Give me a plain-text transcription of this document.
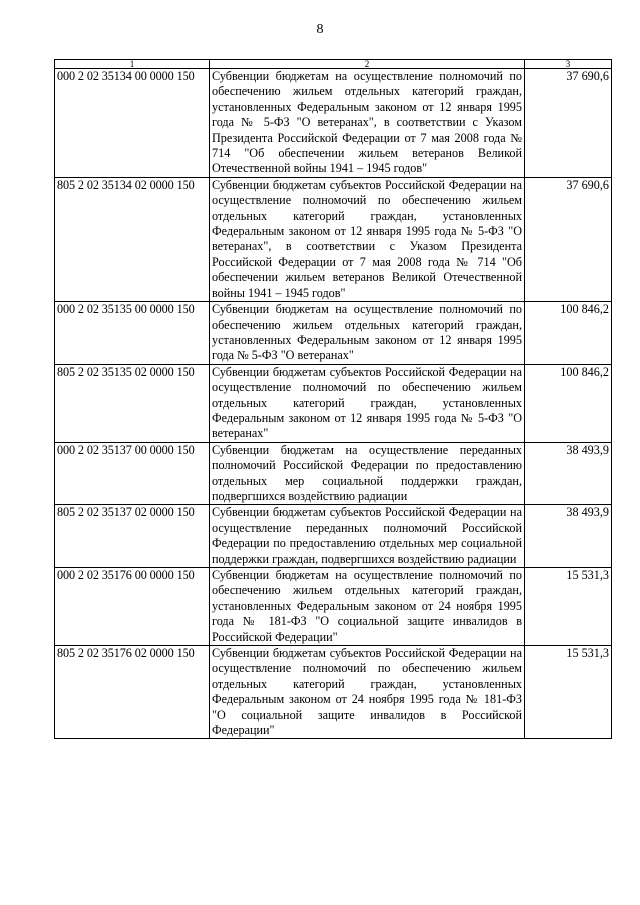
8
1	2	3
000 2 02 35134 00 0000 150	Субвенции бюджетам на осуществление полномочий по обеспечению жильем отдельных категорий граждан, установленных Федеральным законом от 12 января 1995 года № 5-ФЗ "О ветеранах", в соответствии с Указом Президента Российской Федерации от 7 мая 2008 года № 714 "Об обеспечении жильем ветеранов Великой Отечественной войны 1941 – 1945 годов"	37 690,6
805 2 02 35134 02 0000 150	Субвенции бюджетам субъектов Российской Федерации на осуществление полномочий по обеспечению жильем отдельных категорий граждан, установленных Федеральным законом от 12 января 1995 года № 5-ФЗ "О ветеранах", в соответствии с Указом Президента Российской Федерации от 7 мая 2008 года № 714 "Об обеспечении жильем ветеранов Великой Отечественной войны 1941 – 1945 годов"	37 690,6
000 2 02 35135 00 0000 150	Субвенции бюджетам на осуществление полномочий по обеспечению жильем отдельных категорий граждан, установленных Федеральным законом от 12 января 1995 года № 5-ФЗ "О ветеранах"	100 846,2
805 2 02 35135 02 0000 150	Субвенции бюджетам субъектов Российской Федерации на осуществление полномочий по обеспечению жильем отдельных категорий граждан, установленных Федеральным законом от 12 января 1995 года № 5-ФЗ "О ветеранах"	100 846,2
000 2 02 35137 00 0000 150	Субвенции бюджетам на осуществление переданных полномочий Российской Федерации по предоставлению отдельных мер социальной поддержки граждан, подвергшихся воздействию радиации	38 493,9
805 2 02 35137 02 0000 150	Субвенции бюджетам субъектов Российской Федерации на осуществление переданных полномочий Российской Федерации по предоставлению отдельных мер социальной поддержки граждан, подвергшихся воздействию радиации	38 493,9
000 2 02 35176 00 0000 150	Субвенции бюджетам на осуществление полномочий по обеспечению жильем отдельных категорий граждан, установленных Федеральным законом от 24 ноября 1995 года № 181-ФЗ "О социальной защите инвалидов в Российской Федерации"	15 531,3
805 2 02 35176 02 0000 150	Субвенции бюджетам субъектов Российской Федерации на осуществление полномочий по обеспечению жильем отдельных категорий граждан, установленных Федеральным законом от 24 ноября 1995 года № 181-ФЗ "О социальной защите инвалидов в Российской Федерации"	15 531,3
